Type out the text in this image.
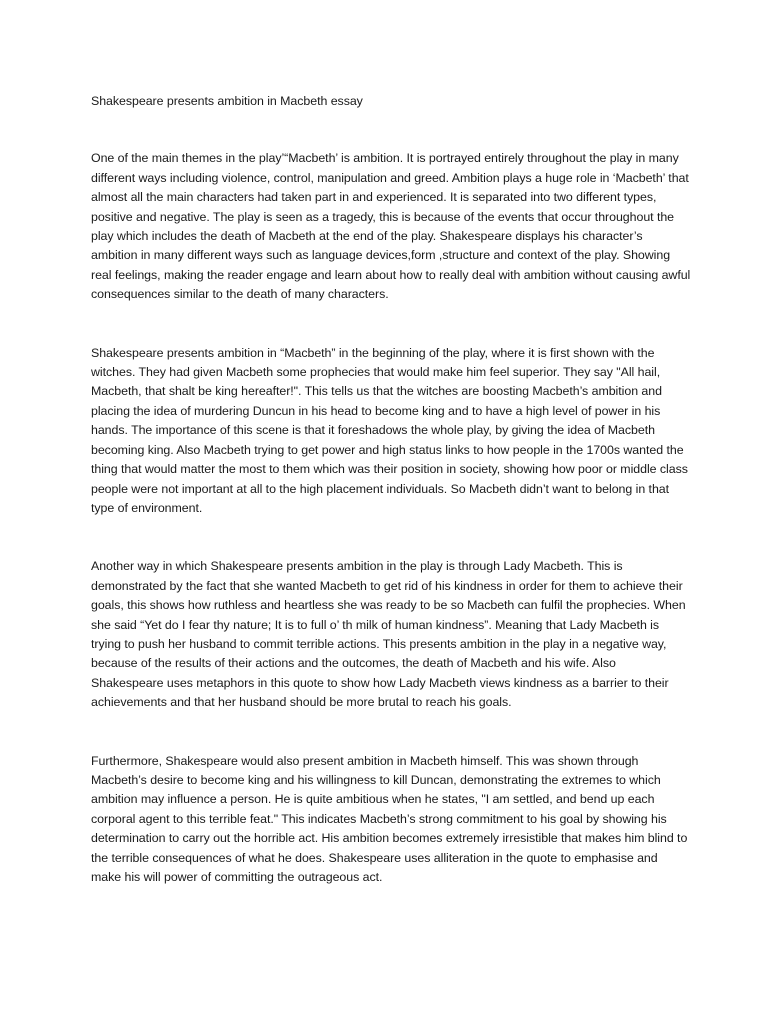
Shakespeare presents ambition in Macbeth essay

One of the main themes in the play’“Macbeth’ is ambition. It is portrayed entirely throughout the play in many different ways including violence, control, manipulation and greed. Ambition plays a huge role in ‘Macbeth’ that almost all the main characters had taken part in and experienced. It is separated into two different types, positive and negative. The play is seen as a tragedy, this is because of the events that occur throughout the play which includes the death of Macbeth at the end of the play. Shakespeare displays his character’s ambition in many different ways such as language devices,form ,structure and context of the play. Showing real feelings, making the reader engage and learn about how to really deal with ambition without causing awful consequences similar to the death of many characters.

Shakespeare presents ambition in “Macbeth” in the beginning of the play, where it is first shown with the witches. They had given Macbeth some prophecies that would make him feel superior. They say "All hail, Macbeth, that shalt be king hereafter!". This tells us that the witches are boosting Macbeth’s ambition and placing the idea of murdering Duncun in his head to become king and to have a high level of power in his hands. The importance of this scene is that it foreshadows the whole play, by giving the idea of Macbeth becoming king. Also Macbeth trying to get power and high status links to how people in the 1700s wanted the thing that would matter the most to them which was their position in society, showing how poor or middle class people were not important at all to the high placement individuals. So Macbeth didn’t want to belong in that type of environment.

Another way in which Shakespeare presents ambition in the play is through Lady Macbeth. This is demonstrated by the fact that she wanted Macbeth to get rid of his kindness in order for them to achieve their goals, this shows how ruthless and heartless she was ready to be so Macbeth can fulfil the prophecies. When she said “Yet do I fear thy nature; It is to full o’ th milk of human kindness”. Meaning that Lady Macbeth is trying to push her husband to commit terrible actions. This presents ambition in the play in a negative way, because of the results of their actions and the outcomes, the death of Macbeth and his wife. Also Shakespeare uses metaphors in this quote to show how Lady Macbeth views kindness as a barrier to their achievements and that her husband should be more brutal to reach his goals.

Furthermore, Shakespeare would also present ambition in Macbeth himself. This was shown through Macbeth’s desire to become king and his willingness to kill Duncan, demonstrating the extremes to which ambition may influence a person. He is quite ambitious when he states, "I am settled, and bend up each corporal agent to this terrible feat." This indicates Macbeth’s strong commitment to his goal by showing his determination to carry out the horrible act. His ambition becomes extremely irresistible that makes him blind to the terrible consequences of what he does. Shakespeare uses alliteration in the quote to emphasise and make his will power of committing the outrageous act.
